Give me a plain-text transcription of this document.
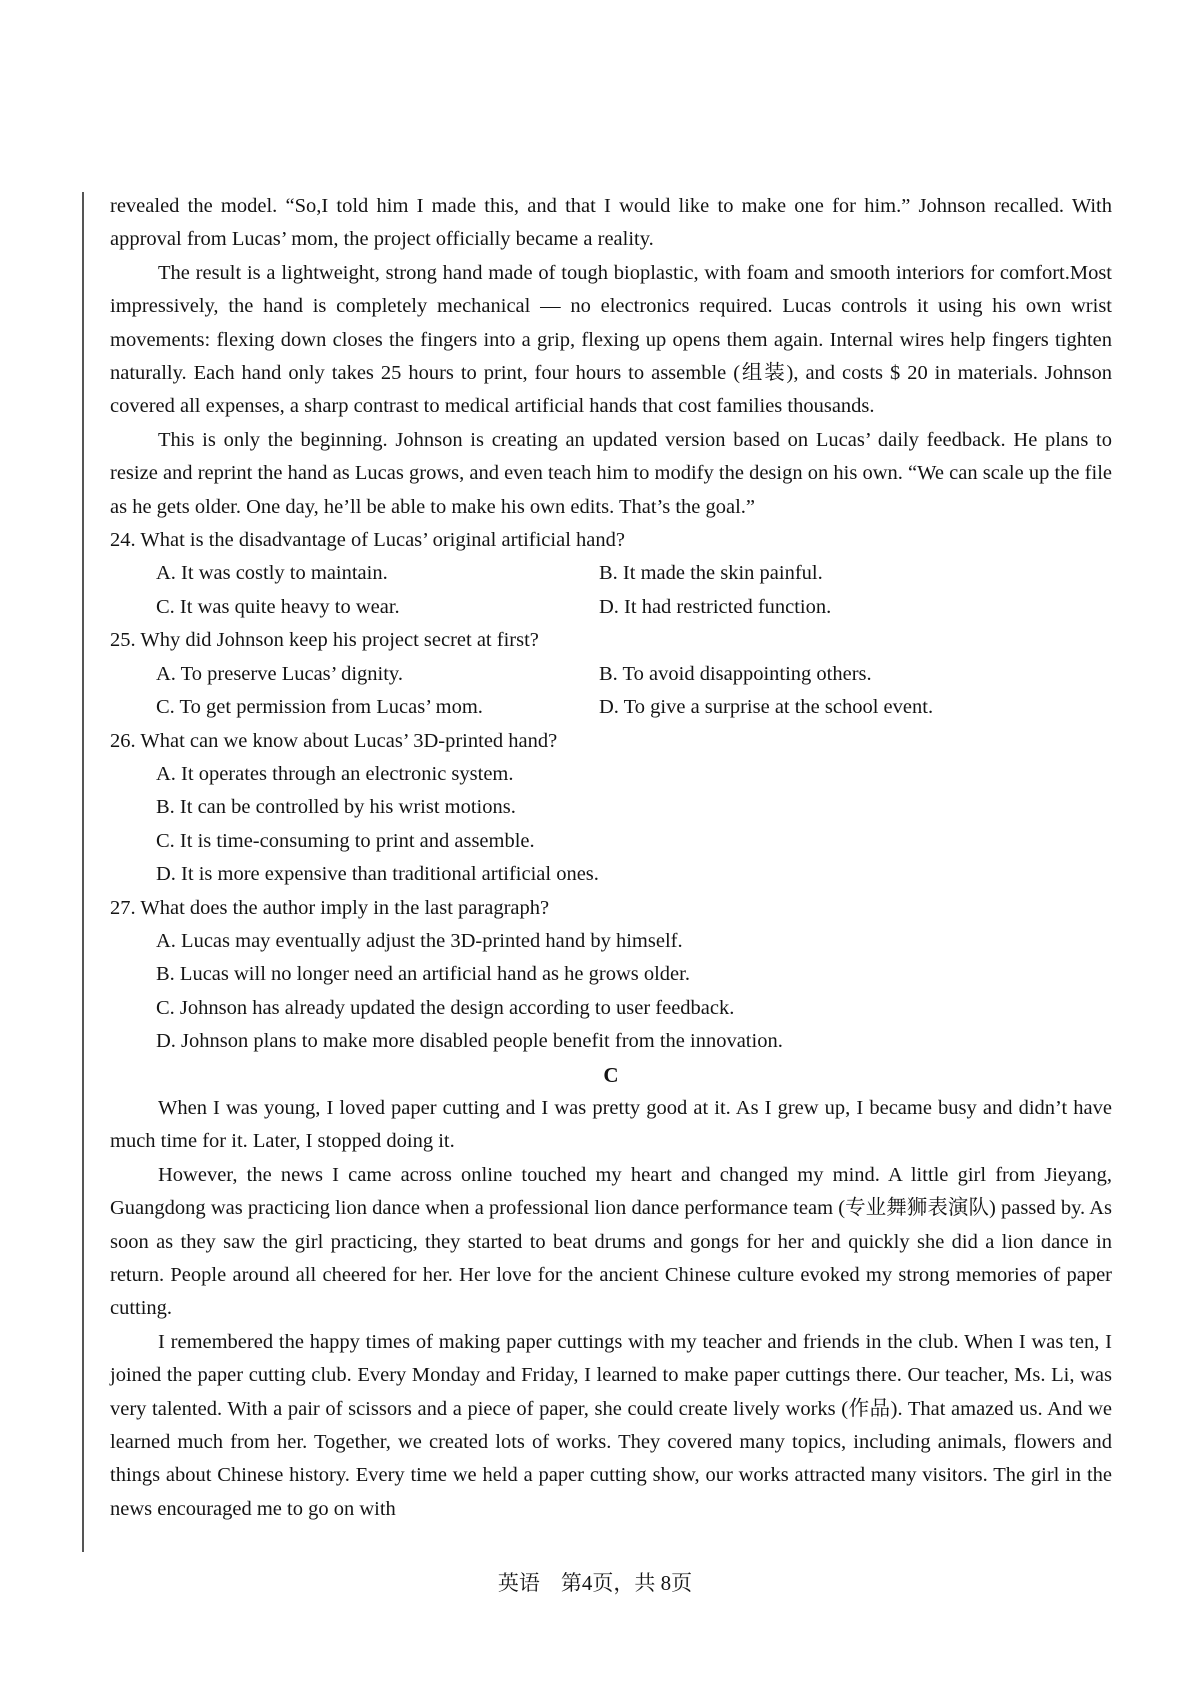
revealed the model. “So,I told him I made this, and that I would like to make one for him.” Johnson recalled. With approval from Lucas’ mom, the project officially became a reality.

The result is a lightweight, strong hand made of tough bioplastic, with foam and smooth interiors for comfort.Most impressively, the hand is completely mechanical — no electronics required. Lucas controls it using his own wrist movements: flexing down closes the fingers into a grip, flexing up opens them again. Internal wires help fingers tighten naturally. Each hand only takes 25 hours to print, four hours to assemble (组装), and costs $ 20 in materials. Johnson covered all expenses, a sharp contrast to medical artificial hands that cost families thousands.

This is only the beginning. Johnson is creating an updated version based on Lucas’ daily feedback. He plans to resize and reprint the hand as Lucas grows, and even teach him to modify the design on his own. “We can scale up the file as he gets older. One day, he’ll be able to make his own edits. That’s the goal.”

24. What is the disadvantage of Lucas’ original artificial hand?
A. It was costly to maintain.	B. It made the skin painful.
C. It was quite heavy to wear.	D. It had restricted function.
25. Why did Johnson keep his project secret at first?
A. To preserve Lucas’ dignity.	B. To avoid disappointing others.
C. To get permission from Lucas’ mom.	D. To give a surprise at the school event.
26. What can we know about Lucas’ 3D-printed hand?
A. It operates through an electronic system.
B. It can be controlled by his wrist motions.
C. It is time-consuming to print and assemble.
D. It is more expensive than traditional artificial ones.
27. What does the author imply in the last paragraph?
A. Lucas may eventually adjust the 3D-printed hand by himself.
B. Lucas will no longer need an artificial hand as he grows older.
C. Johnson has already updated the design according to user feedback.
D. Johnson plans to make more disabled people benefit from the innovation.
C

When I was young, I loved paper cutting and I was pretty good at it. As I grew up, I became busy and didn’t have much time for it. Later, I stopped doing it.

However, the news I came across online touched my heart and changed my mind. A little girl from Jieyang, Guangdong was practicing lion dance when a professional lion dance performance team (专业舞狮表演队) passed by. As soon as they saw the girl practicing, they started to beat drums and gongs for her and quickly she did a lion dance in return. People around all cheered for her. Her love for the ancient Chinese culture evoked my strong memories of paper cutting.

I remembered the happy times of making paper cuttings with my teacher and friends in the club. When I was ten, I joined the paper cutting club. Every Monday and Friday, I learned to make paper cuttings there. Our teacher, Ms. Li, was very talented. With a pair of scissors and a piece of paper, she could create lively works (作品). That amazed us. And we learned much from her. Together, we created lots of works. They covered many topics, including animals, flowers and things about Chinese history. Every time we held a paper cutting show, our works attracted many visitors. The girl in the news encouraged me to go on with

英语　第4页，共 8页
